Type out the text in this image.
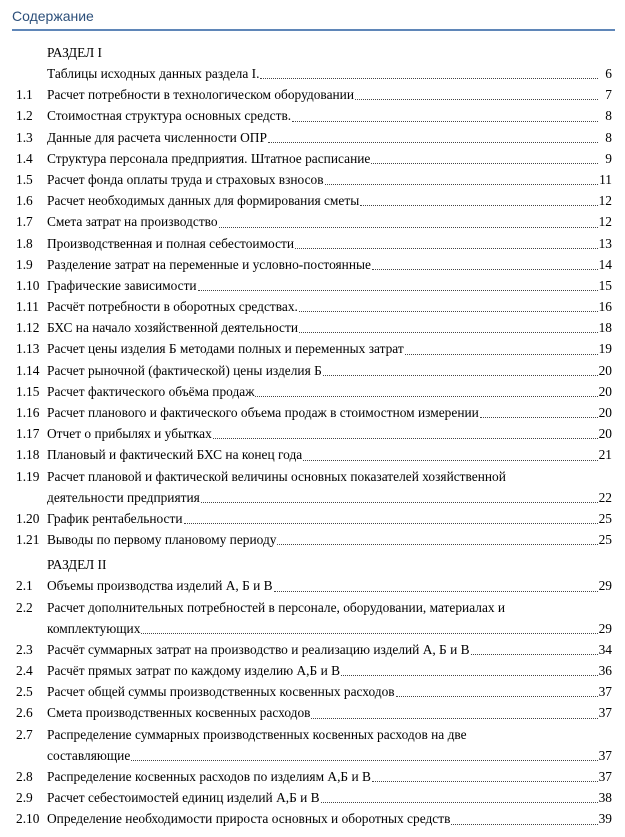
Содержание
РАЗДЕЛ I
Таблицы исходных данных раздела I.	6
1.1 Расчет потребности в технологическом оборудовании	7
1.2 Стоимостная структура основных средств.	8
1.3 Данные для расчета численности ОПР	8
1.4 Структура персонала предприятия. Штатное расписание	9
1.5 Расчет фонда оплаты труда и страховых взносов	11
1.6 Расчет необходимых данных для формирования сметы	12
1.7 Смета затрат на производство	12
1.8 Производственная и полная себестоимости	13
1.9 Разделение затрат на переменные и условно-постоянные	14
1.10 Графические зависимости	15
1.11 Расчёт потребности в оборотных средствах.	16
1.12 БХС на начало хозяйственной деятельности	18
1.13 Расчет цены изделия Б методами полных и переменных затрат	19
1.14 Расчет рыночной (фактической) цены изделия Б	20
1.15 Расчет фактического объёма продаж	20
1.16 Расчет планового и фактического объема продаж в стоимостном измерении	20
1.17 Отчет о прибылях и убытках	20
1.18 Плановый и фактический БХС на конец года	21
1.19 Расчет плановой и фактической величины основных показателей хозяйственной
деятельности предприятия	22
1.20 График рентабельности	25
1.21 Выводы по первому плановому периоду	25
РАЗДЕЛ II
2.1 Объемы производства изделий А, Б и В	29
2.2 Расчет дополнительных потребностей в персонале, оборудовании, материалах и
комплектующих	29
2.3 Расчёт суммарных затрат на производство и реализацию изделий А, Б и В	34
2.4 Расчёт прямых затрат по каждому изделию А,Б и В	36
2.5 Расчет общей суммы производственных косвенных расходов	37
2.6 Смета производственных косвенных расходов	37
2.7 Распределение суммарных производственных косвенных расходов на две
составляющие	37
2.8 Распределение косвенных расходов по изделиям А,Б и В	37
2.9 Расчет себестоимостей единиц изделий А,Б и В	38
2.10 Определение необходимости прироста основных и оборотных средств	39
